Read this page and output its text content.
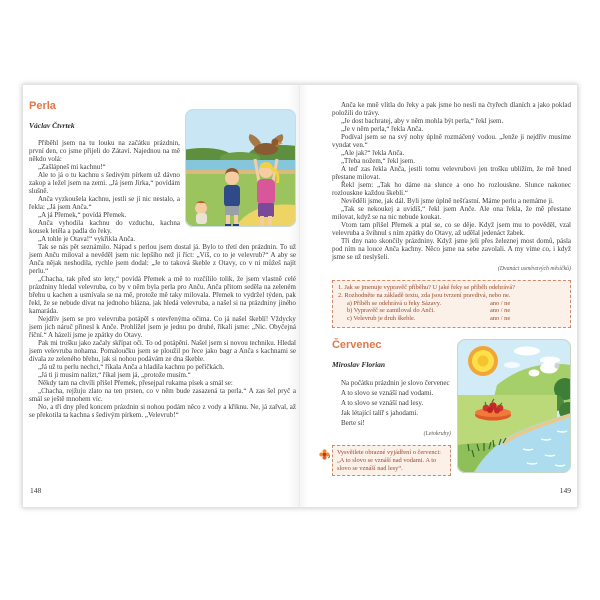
Perla
Václav Čtvrtek

Přiběhl jsem na tu louku na začátku prázdnin, první den, co jsme přijeli do Zátaví. Najednou na mě někdo volá:

„Zašlápneš mi kachnu!“

Ale to já o tu kachnu s šedivým pírkem už dávno zakop a ležel jsem na zemi. „Já jsem Jirka,“ povídám slušně.

Anča vyzkoušela kachnu, jestli se jí nic nestalo, a řekla: „Já jsem Anča.“

„A já Přemek,“ povídá Přemek.

Anča vyhodila kachnu do vzduchu, kachna kousek letěla a padla do řeky.

„A tohle je Otava!“ vykřikla Anča.

Tak se nás pět seznámilo. Nápad s perlou jsem dostal já. Bylo to třetí den prázdnin. To už jsem Anču miloval a nevěděl jsem nic lepšího než jí říct: „Víš, co to je velevrub?“ A aby se Anča nějak neshodila, rychle jsem dodal: „Je to taková škeble z Otavy, co v ní můžeš najít perlu.“

„Chacha, tak před sto lety,“ povídá Přemek a mě to rozčílilo tolik, že jsem vlastně celé prázdniny hledal velevruba, co by v něm byla perla pro Anču. Anča přitom seděla na zeleném břehu u kachen a usmívala se na mě, protože mě taky milovala. Přemek to vydržel týden, pak řekl, že se nebude dívat na jednoho blázna, jak hledá velevruba, a našel si na prázdniny jiného kamaráda.

Nejdřív jsem se pro velevruba potápěl s otevřenýma očima. Co já našel škeblí! Vždycky jsem jich náruč přinesl k Anče. Prohlížel jsem je jednu po druhé, říkali jsme: „Nic. Obyčejná říční.“ A házeli jsme je zpátky do Otavy.

Pak mi trošku jako začaly skřípat oči. To od potápění. Našel jsem si novou techniku. Hledal jsem velevruba nohama. Pomaloučku jsem se ploužil po řece jako bagr a Anča s kachnami se dívala ze zeleného břehu, jak si nohou podávám ze dna škeble.

„Já už tu perlu nechci,“ říkala Anča a hladila kachnu po peříčkách.

„Já ti ji musím nalízt,“ říkal jsem já, „protože musím.“

Někdy tam na chvíli přišel Přemek, přesejpal rukama písek a smál se:

„Chacha, rejžuju zlato na ten prsten, co v něm bude zasazená ta perla.“ A zas šel pryč a smál se ještě mnohem víc.

No, a tři dny před koncem prázdnin si nohou podám něco z vody a křiknu. Ne, já zařval, až se překotila ta kachna s šedivým pírkem. „Velevrub!“

148

Anča ke mně vlítla do řeky a pak jsme ho nesli na čtyřech dlaních a jako poklad položili do trávy.

„Je dost bachratej, aby v něm mohla být perla,“ řekl jsem.

„Je v něm perla,“ řekla Anča.

Podíval jsem se na svý nohy úplně rozmáčený vodou. „Jenže ji nejdřív musíme vyndat ven.“

„Ale jak?“ řekla Anča.

„Třeba nožem,“ řekl jsem.

A teď zas řekla Anča, jestli tomu velevrubovi jen trošku ublížím, že mě hned přestane milovat.

Řekl jsem: „Tak ho dáme na slunce a ono ho rozlouskne. Slunce nakonec rozlouskne každou škebli.“

Nevěděli jsme, jak dál. Byli jsme úplně nešťastní. Máme perlu a nemáme ji.

„Tak se nekoukej a uvidíš,“ řekl jsem Anče. Ale ona řekla, že mě přestane milovat, když se na nic nebude koukat.

Vtom tam přišel Přemek a ptal se, co se děje. Když jsem mu to pověděl, vzal velevruba a švihnul s ním zpátky do Otavy, až udělal jedenáct žabek.

Tři dny nato skončily prázdniny. Když jsme jeli přes železnej most domů, pásla pod ním na louce Anča kachny. Něco jsme na sebe zavolali. A my víme co, i když jsme se už neslyšeli.

(Dvanáct usměvavých měsíčků)

1. Jak se jmenuje vypravěč příběhu? U jaké řeky se příběh odehrává?

2. Rozhodněte na základě textu, zda jsou tvrzení pravdivá, nebo ne.

a) Příběh se odehrává u řeky Sázavy.	ano / ne
b) Vypravěč se zamiloval do Anči.	ano / ne
c) Velevrub je druh škeble.	ano / ne
Červenec
Miroslav Florian

Na počátku prázdnin je slovo červenec

A to slovo se vznáší nad vodami.

A to slovo se vznáší nad lesy.

Jak létající talíř s jahodami.

Berte si!

(Letokruhy)
Vysvětlete obrazné vyjádření o červenci: „A to slovo se vznáší nad vodami. A to slovo se vznáší nad lesy“.
149
